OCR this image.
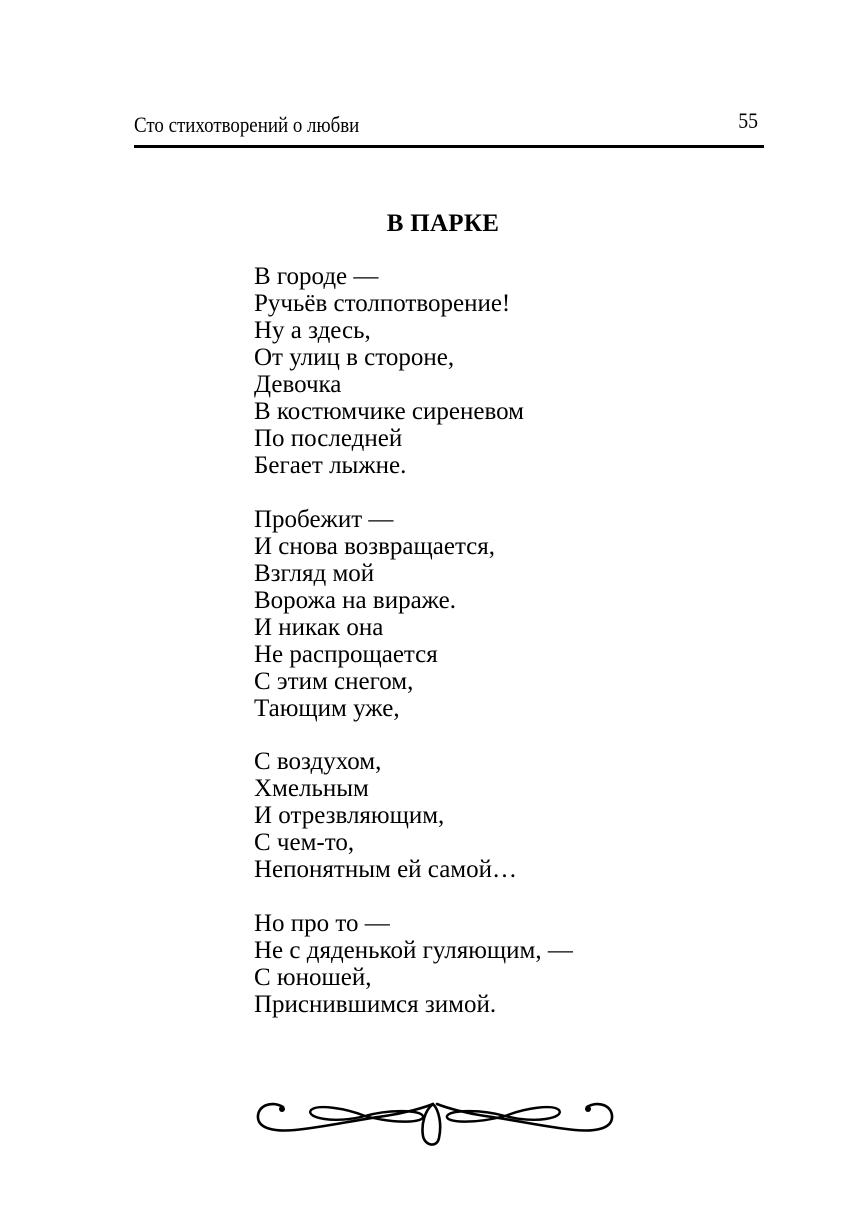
Сто стихотворений о любви	55
В ПАРКЕ
В городе —
Ручьёв столпотворение!
Ну а здесь,
От улиц в стороне,
Девочка
В костюмчике сиреневом
По последней
Бегает лыжне.
Пробежит —
И снова возвращается,
Взгляд мой
Ворожа на вираже.
И никак она
Не распрощается
С этим снегом,
Тающим уже,
С воздухом,
Хмельным
И отрезвляющим,
С чем-то,
Непонятным ей самой…
Но про то —
Не с дяденькой гуляющим, —
С юношей,
Приснившимся зимой.
